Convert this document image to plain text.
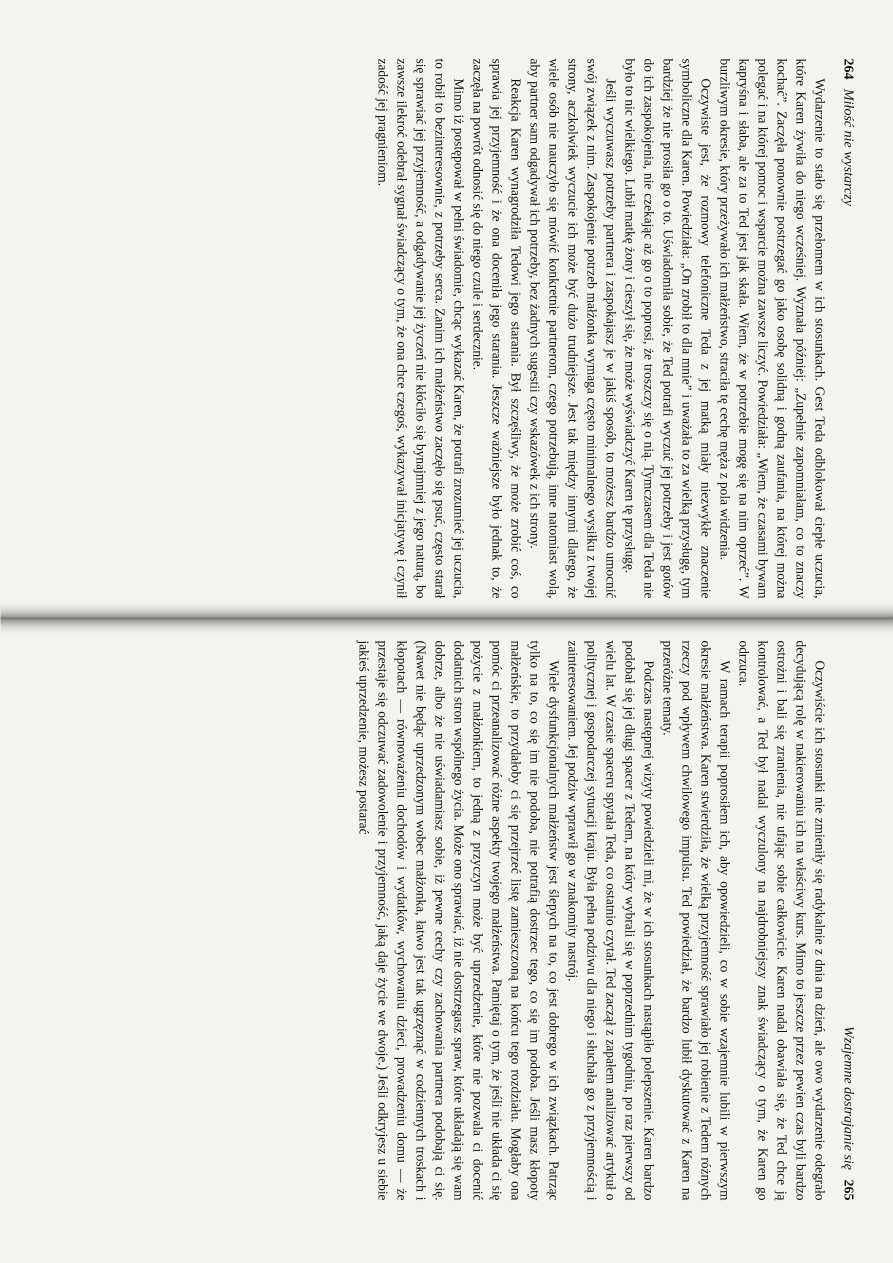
264 Miłość nie wystarczy

Wydarzenie to stało się przełomem w ich stosunkach. Gest Teda odblokował ciepłe uczucia, które Karen żywiła do niego wcześniej. Wyznała później: „Zupełnie zapomniałam, co to znaczy kochać”. Zaczęła ponownie postrzegać go jako osobę solidną i godną zaufania, na której można polegać i na której pomoc i wsparcie można zawsze liczyć. Powiedziała: „Wiem, że czasami bywam kapryśna i słaba, ale za to Ted jest jak skała. Wiem, że w potrzebie mogę się na nim oprzeć”. W burzliwym okresie, który przeżywało ich małżeństwo, straciła tę cechę męża z pola widzenia.

Oczywiste jest, że rozmowy telefoniczne Teda z jej matką miały niezwykłe znaczenie symboliczne dla Karen. Powiedziała: „On zrobił to dla mnie” i uważała to za wielką przysługę, tym bardziej że nie prosiła go o to. Uświadomiła sobie, że Ted potrafi wyczuć jej potrzeby i jest gotów do ich zaspokojenia, nie czekając aż go o to poprosi, że troszczy się o nią. Tymczasem dla Teda nie było to nic wielkiego. Lubił matkę żony i cieszył się, że może wyświadczyć Karen tę przysługę.

Jeśli wyczuwasz potrzeby partnera i zaspokajasz je w jakiś sposób, to możesz bardzo umocnić swój związek z nim. Zaspokojenie potrzeb małżonka wymaga często minimalnego wysiłku z twojej strony, aczkolwiek wyczucie ich może być dużo trudniejsze. Jest tak między innymi dlatego, że wiele osób nie nauczyło się mówić konkretnie partnerom, czego potrzebują, inne natomiast wolą, aby partner sam odgadywał ich potrzeby, bez żadnych sugestii czy wskazówek z ich strony.

Reakcja Karen wynagrodziła Tedowi jego starania. Był szczęśliwy, że może zrobić coś, co sprawia jej przyjemność i że ona doceniła jego starania. Jeszcze ważniejsze było jednak to, że zaczęła na powrót odnosić się do niego czule i serdecznie.

Mimo iż postępował w pełni świadomie, chcąc wykazać Karen, że potrafi zrozumieć jej uczucia, to robił to bezinteresownie, z potrzeby serca. Zanim ich małżeństwo zaczęło się psuć, często starał się sprawiać jej przyjemność, a odgadywanie jej życzeń nie kłóciło się bynajmniej z jego naturą, bo zawsze ilekroć odebrał sygnał świadczący o tym, że ona chce czegoś, wykazywał inicjatywę i czynił zadość jej pragnieniom.

Wzajemne dostrajanie się 265

Oczywiście ich stosunki nie zmieniły się radykalnie z dnia na dzień, ale owo wydarzenie odegrało decydującą rolę w nakierowaniu ich na właściwy kurs. Mimo to jeszcze przez pewien czas byli bardzo ostrożni i bali się zranienia, nie ufając sobie całkowicie. Karen nadal obawiała się, że Ted chce ją kontrolować, a Ted był nadal wyczulony na najdrobniejszy znak świadczący o tym, że Karen go odrzuca.

W ramach terapii poprosiłem ich, aby opowiedzieli, co w sobie wzajemnie lubili w pierwszym okresie małżeństwa. Karen stwierdziła, że wielką przyjemność sprawiało jej robienie z Tedem różnych rzeczy pod wpływem chwilowego impulsu. Ted powiedział, że bardzo lubił dyskutować z Karen na przeróżne tematy.

Podczas następnej wizyty powiedzieli mi, że w ich stosunkach nastąpiło polepszenie. Karen bardzo podobał się jej długi spacer z Tedem, na który wybrali się w poprzednim tygodniu, po raz pierwszy od wielu lat. W czasie spaceru spytała Teda, co ostatnio czytał. Ted zaczął z zapałem analizować artykuł o politycznej i gospodarczej sytuacji kraju. Była pełna podziwu dla niego i słuchała go z przyjemnością i zainteresowaniem. Jej podziw wprawił go w znakomity nastrój.

Wiele dysfunkcjonalnych małżeństw jest ślepych na to, co jest dobrego w ich związkach. Patrząc tylko na to, co się im nie podoba, nie potrafią dostrzec tego, co się im podoba. Jeśli masz kłopoty małżeńskie, to przydałoby ci się przejrzeć listę zamieszczoną na końcu tego rozdziału. Mogłaby ona pomóc ci przeanalizować różne aspekty twojego małżeństwa. Pamiętaj o tym, że jeśli nie układa ci się pożycie z małżonkiem, to jedną z przyczyn może być uprzedzenie, które nie pozwala ci docenić dodatnich stron wspólnego życia. Może ono sprawiać, iż nie dostrzegasz spraw, które układają się wam dobrze, albo że nie uświadamiasz sobie, iż pewne cechy czy zachowania partnera podobają ci się. (Nawet nie będąc uprzedzonym wobec małżonka, łatwo jest tak ugrzęznąć w codziennych troskach i kłopotach — równoważeniu dochodów i wydatków, wychowaniu dzieci, prowadzeniu domu — że przestaje się odczuwać zadowolenie i przyjemność, jaką daje życie we dwoje.) Jeśli odkryjesz u siebie jakieś uprzedzenie, możesz postarać
